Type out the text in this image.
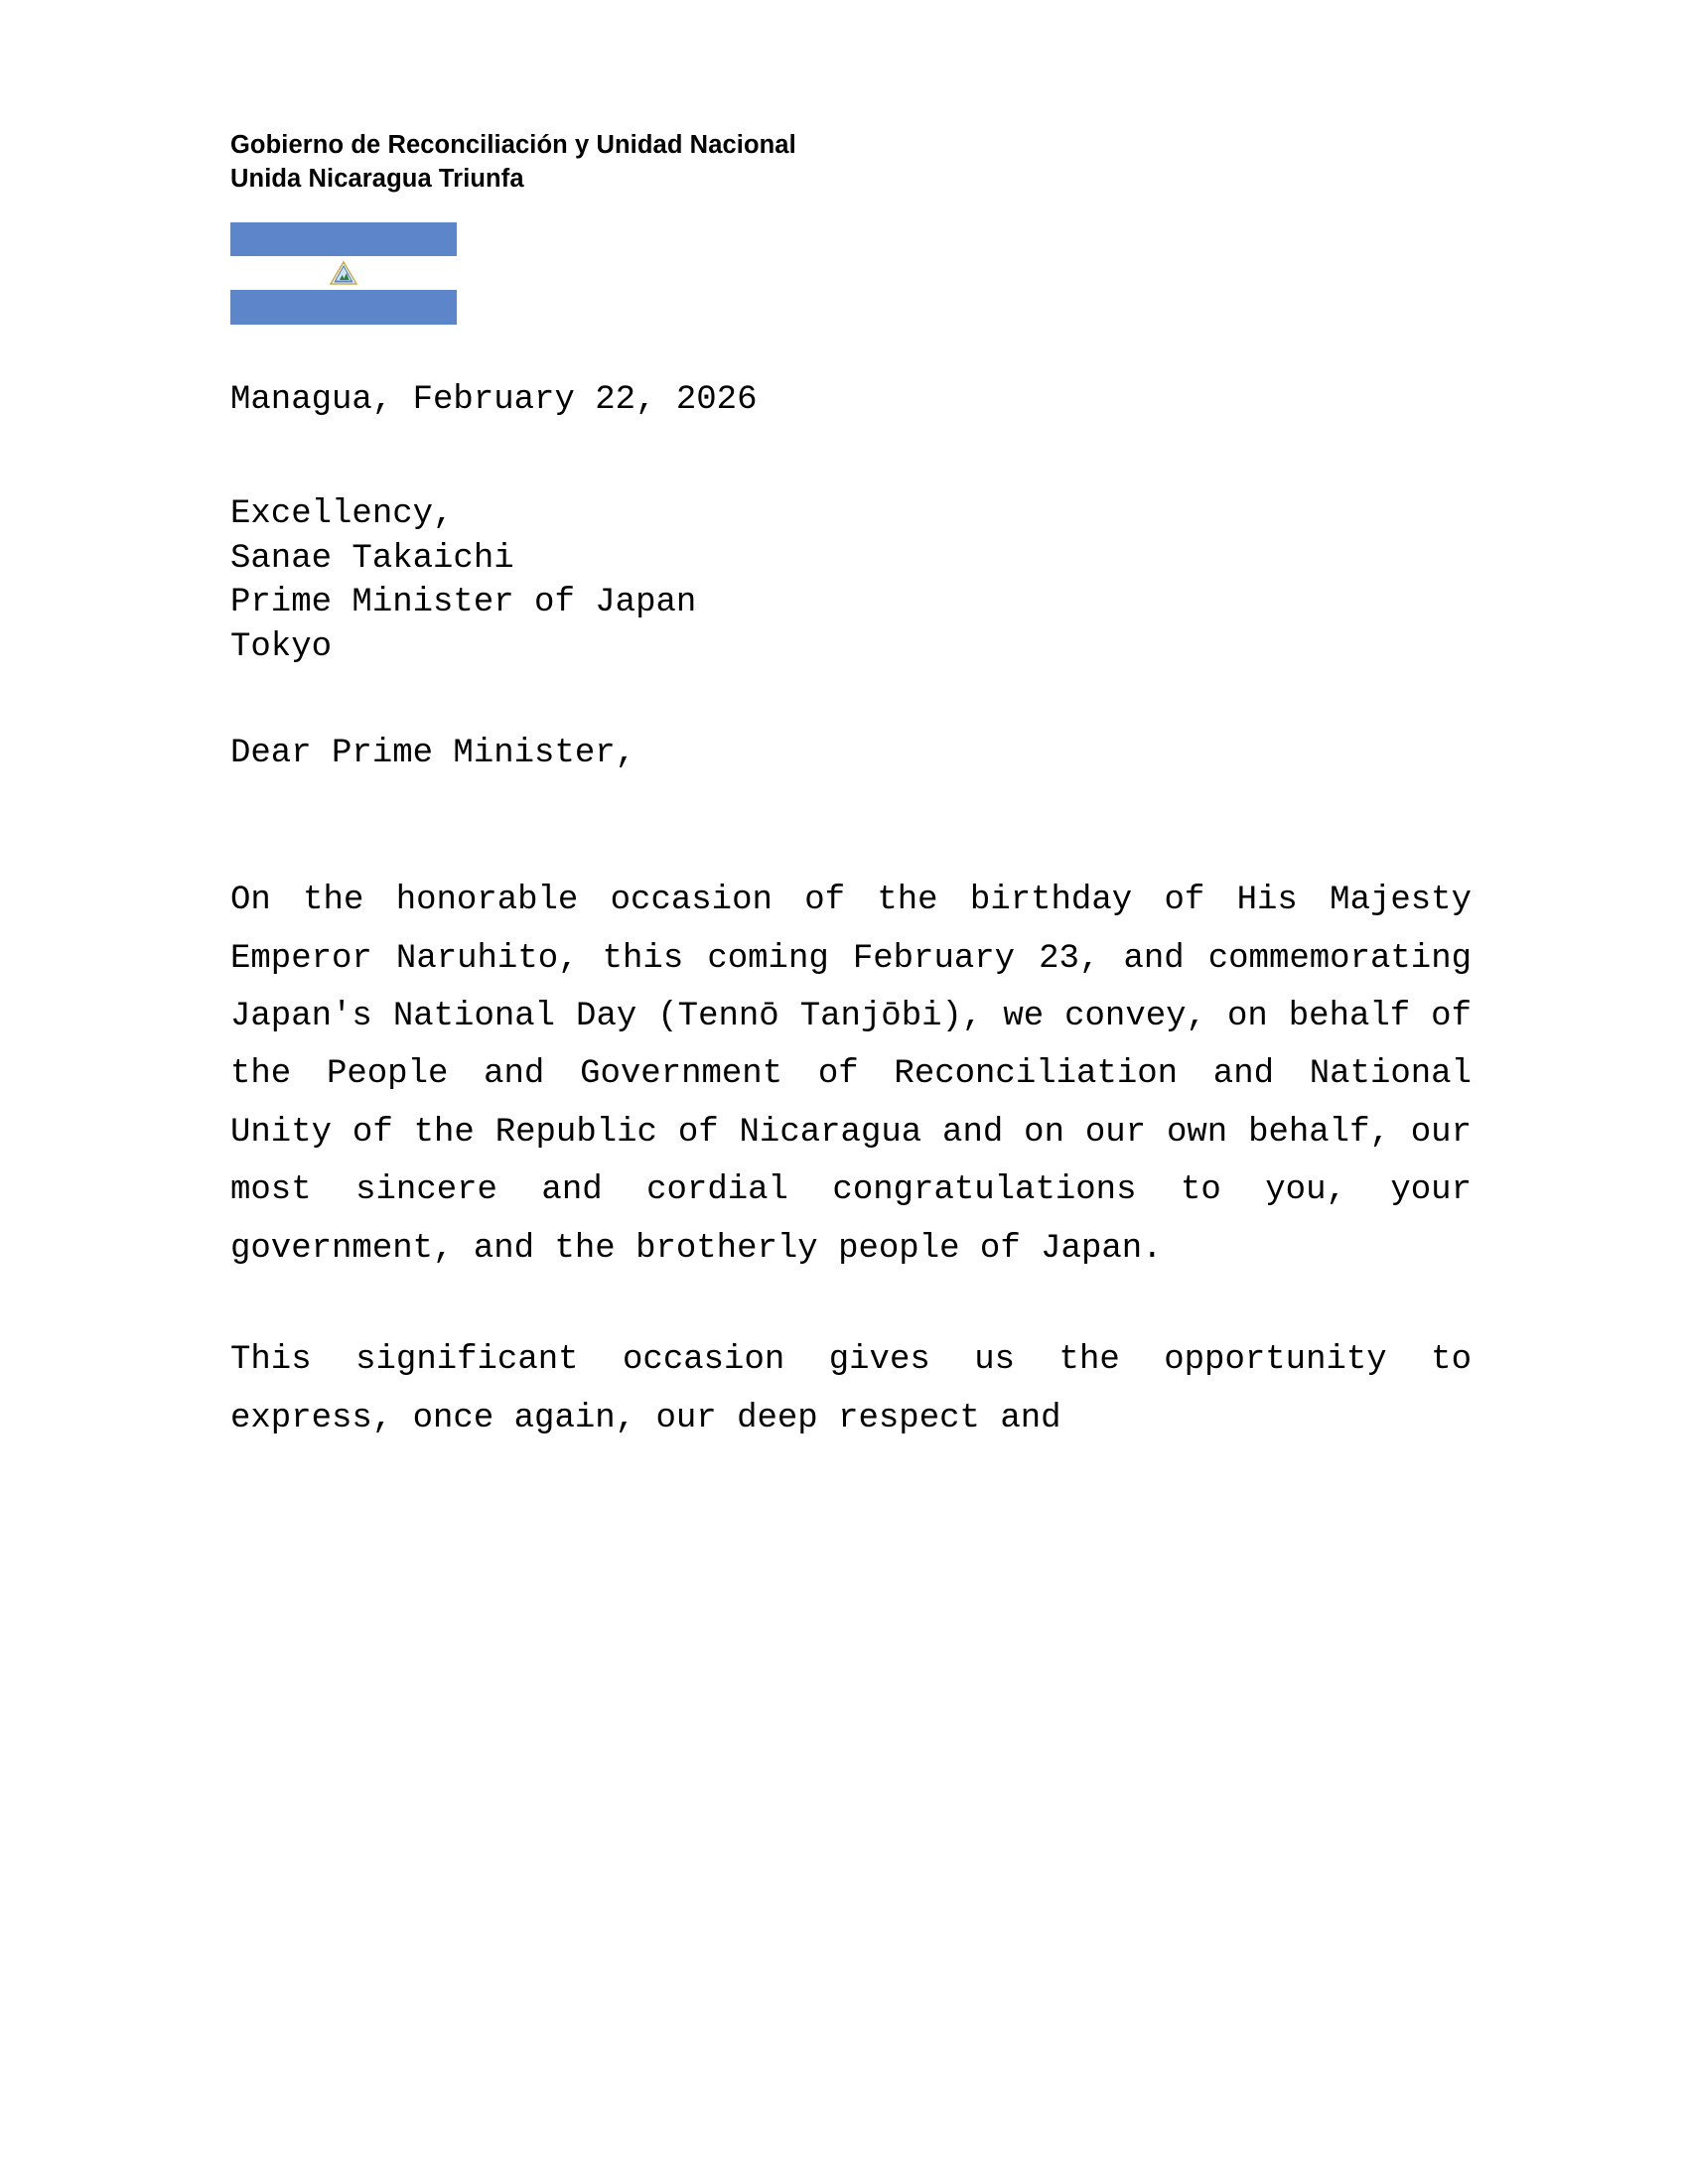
Gobierno de Reconciliación y Unidad Nacional
Unida Nicaragua Triunfa
Managua, February 22, 2026
Excellency,
Sanae Takaichi
Prime Minister of Japan
Tokyo
Dear Prime Minister,

On the honorable occasion of the birthday of His Majesty Emperor Naruhito, this coming February 23, and commemorating Japan's National Day (Tennō Tanjōbi), we convey, on behalf of the People and Government of Reconciliation and National Unity of the Republic of Nicaragua and on our own behalf, our most sincere and cordial congratulations to you, your government, and the brotherly people of Japan.

This significant occasion gives us the opportunity to express, once again, our deep respect and
